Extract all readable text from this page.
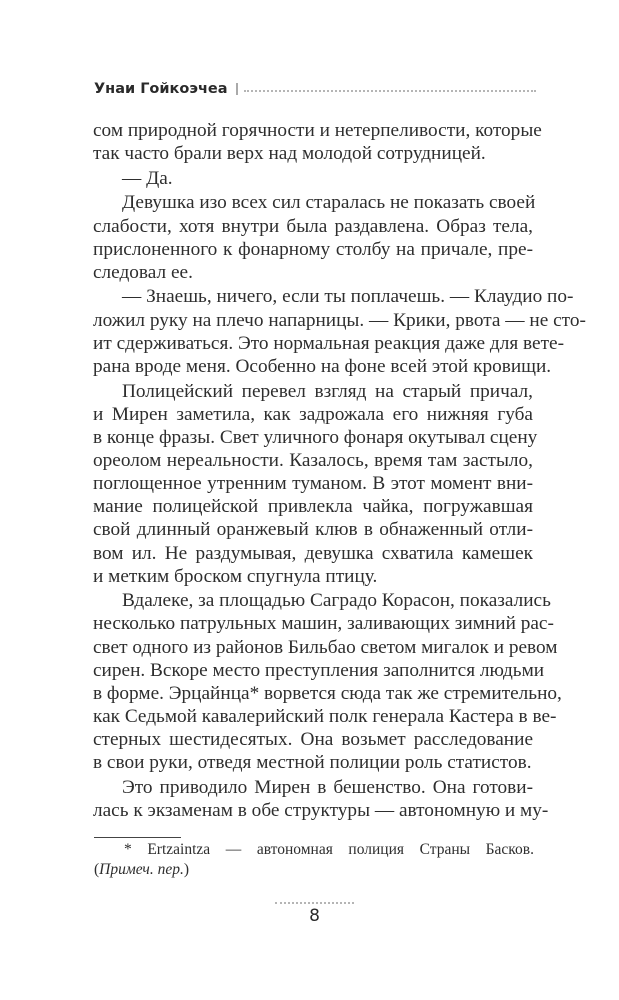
Унаи Гойкоэчеа
сом природной горячности и нетерпеливости, которые
так часто брали верх над молодой сотрудницей.
— Да.
Девушка изо всех сил старалась не показать своей
слабости, хотя внутри была раздавлена. Образ тела,
прислоненного к фонарному столбу на причале, пре-
следовал ее.
— Знаешь, ничего, если ты поплачешь. — Клаудио по-
ложил руку на плечо напарницы. — Крики, рвота — не сто-
ит сдерживаться. Это нормальная реакция даже для вете-
рана вроде меня. Особенно на фоне всей этой кровищи.
Полицейский перевел взгляд на старый причал,
и Мирен заметила, как задрожала его нижняя губа
в конце фразы. Свет уличного фонаря окутывал сцену
ореолом нереальности. Казалось, время там застыло,
поглощенное утренним туманом. В этот момент вни-
мание полицейской привлекла чайка, погружавшая
свой длинный оранжевый клюв в обнаженный отли-
вом ил. Не раздумывая, девушка схватила камешек
и метким броском спугнула птицу.
Вдалеке, за площадью Саградо Корасон, показались
несколько патрульных машин, заливающих зимний рас-
свет одного из районов Бильбао светом мигалок и ревом
сирен. Вскоре место преступления заполнится людьми
в форме. Эрцайнца* ворвется сюда так же стремительно,
как Седьмой кавалерийский полк генерала Кастера в ве-
стерных шестидесятых. Она возьмет расследование
в свои руки, отведя местной полиции роль статистов.
Это приводило Мирен в бешенство. Она готови-
лась к экзаменам в обе структуры — автономную и му-
* Ertzaintza — автономная полиция Страны Басков.
(Примеч. пер.)
8
